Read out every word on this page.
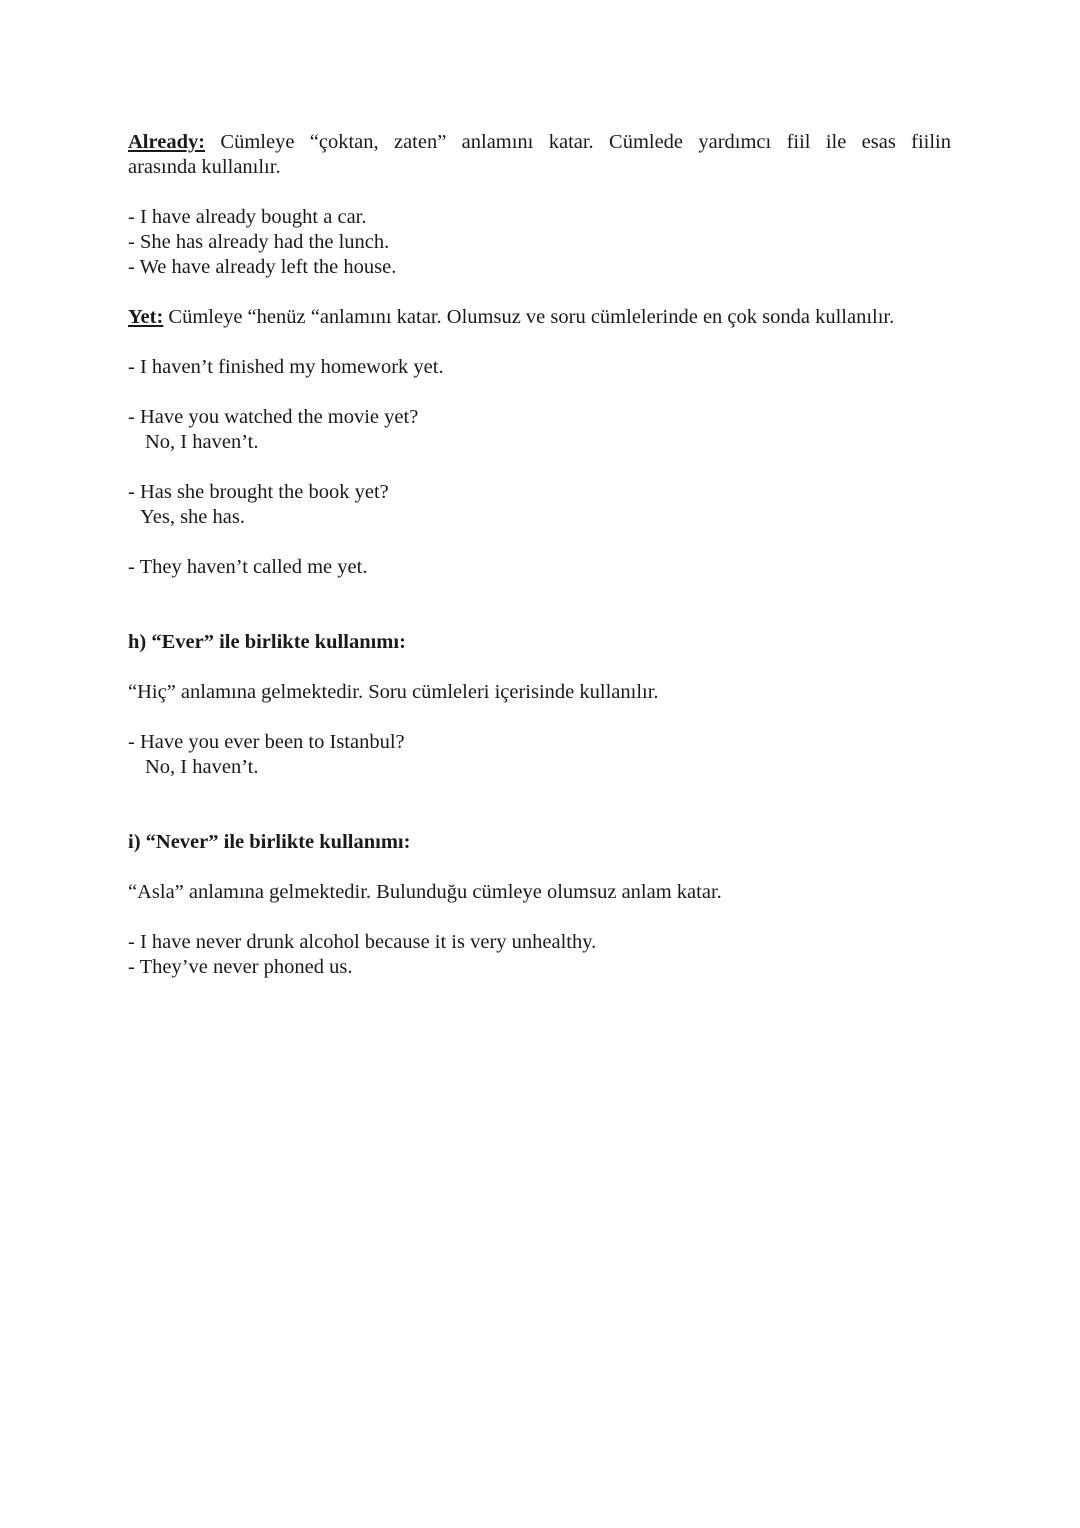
Already: Cümleye “çoktan, zaten” anlamını katar. Cümlede yardımcı fiil ile esas fiilin
arasında kullanılır.
- I have already bought a car.
- She has already had the lunch.
- We have already left the house.
Yet: Cümleye “henüz “anlamını katar. Olumsuz ve soru cümlelerinde en çok sonda kullanılır.
- I haven’t finished my homework yet.
- Have you watched the movie yet?
No, I haven’t.
- Has she brought the book yet?
Yes, she has.
- They haven’t called me yet.
h) “Ever” ile birlikte kullanımı:
“Hiç” anlamına gelmektedir. Soru cümleleri içerisinde kullanılır.
- Have you ever been to Istanbul?
No, I haven’t.
i) “Never” ile birlikte kullanımı:
“Asla” anlamına gelmektedir. Bulunduğu cümleye olumsuz anlam katar.
- I have never drunk alcohol because it is very unhealthy.
- They’ve never phoned us.
